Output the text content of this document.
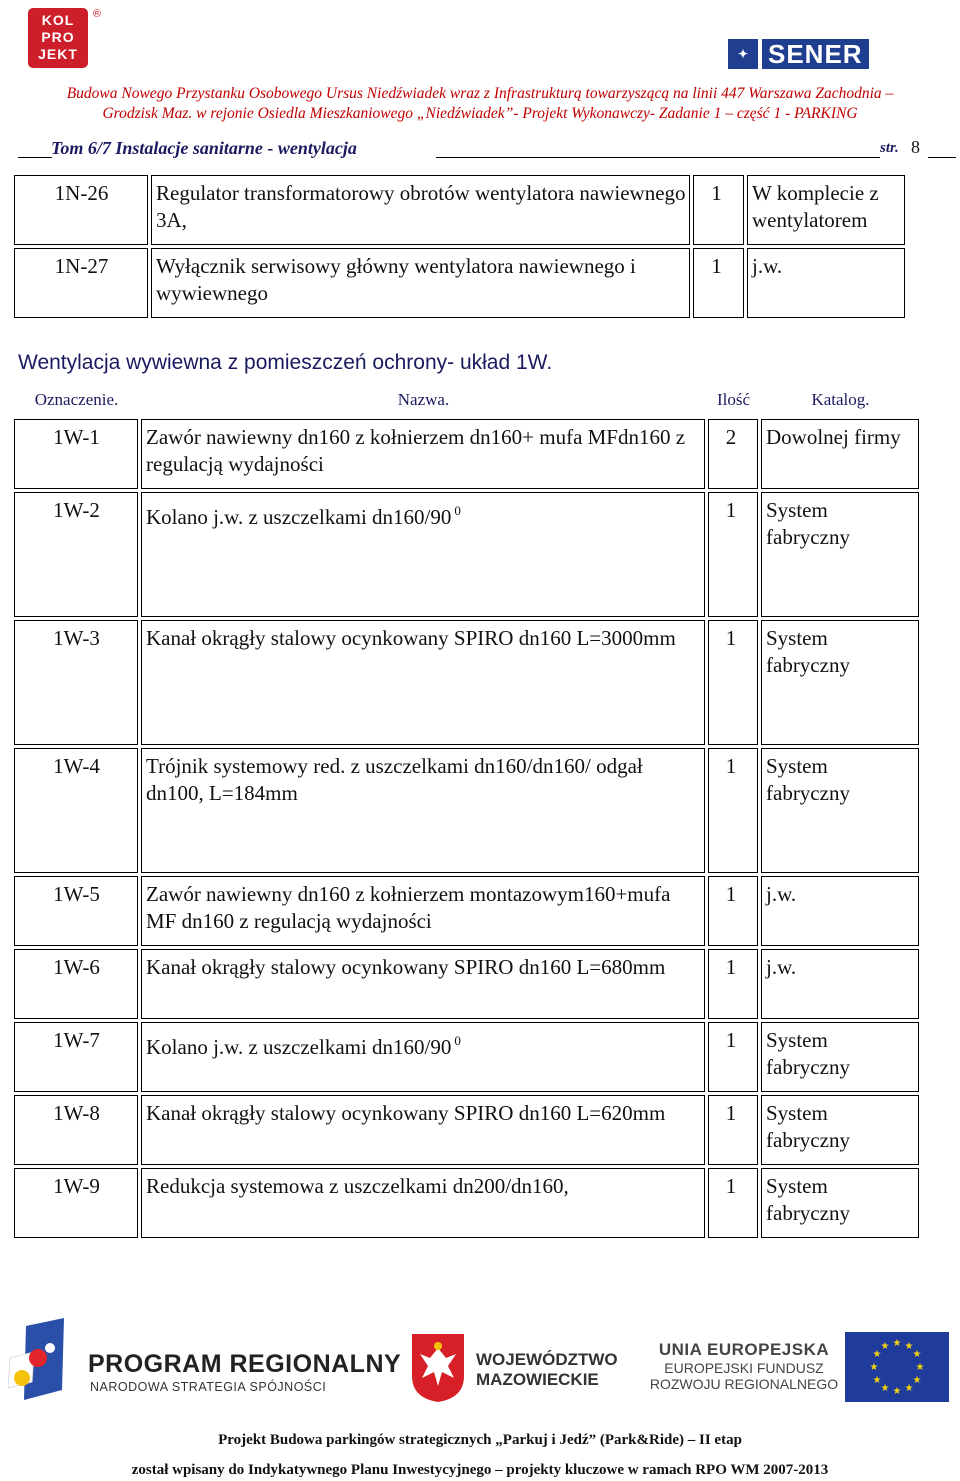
KOL
PRO
JEKT
®
✦ SENER
Budowa Nowego Przystanku Osobowego Ursus Niedźwiadek wraz z Infrastrukturą towarzyszącą na linii 447 Warszawa Zachodnia –
Grodzisk Maz. w rejonie Osiedla Mieszkaniowego „Niedźwiadek”- Projekt Wykonawczy- Zadanie 1 – część 1 - PARKING
Tom 6/7 Instalacje sanitarne - wentylacja	str. 8
1N-26	Regulator transformatorowy obrotów wentylatora nawiewnego 3A,	1	W komplecie z wentylatorem
1N-27	Wyłącznik serwisowy główny wentylatora nawiewnego i wywiewnego	1	j.w.
Wentylacja wywiewna z pomieszczeń ochrony- układ 1W.
Oznaczenie.	Nazwa.	Ilość	Katalog.
1W-1	Zawór nawiewny dn160 z kołnierzem dn160+ mufa MFdn160 z regulacją wydajności	2	Dowolnej firmy
1W-2	Kolano j.w. z uszczelkami dn160/90 $^0$	1	System fabryczny
1W-3	Kanał okrągły stalowy ocynkowany SPIRO dn160 L=3000mm	1	System fabryczny
1W-4	Trójnik systemowy red. z uszczelkami dn160/dn160/ odgał dn100, L=184mm	1	System fabryczny
1W-5	Zawór nawiewny dn160 z kołnierzem montazowym160+mufa MF dn160 z regulacją wydajności	1	j.w.
1W-6	Kanał okrągły stalowy ocynkowany SPIRO dn160 L=680mm	1	j.w.
1W-7	Kolano j.w. z uszczelkami dn160/90 $^0$	1	System fabryczny
1W-8	Kanał okrągły stalowy ocynkowany SPIRO dn160 L=620mm	1	System fabryczny
1W-9	Redukcja systemowa z uszczelkami dn200/dn160,	1	System fabryczny
PROGRAM REGIONALNY
NARODOWA STRATEGIA SPÓJNOŚCI
WOJEWÓDZTWO
MAZOWIECKIE
UNIA EUROPEJSKA
EUROPEJSKI FUNDUSZ
ROZWOJU REGIONALNEGO
★ ★
★
★
★
★
★
★
★
★
★
★
Projekt Budowa parkingów strategicznych „Parkuj i Jedź” (Park&Ride) – II etap
został wpisany do Indykatywnego Planu Inwestycyjnego – projekty kluczowe w ramach RPO WM 2007-2013
